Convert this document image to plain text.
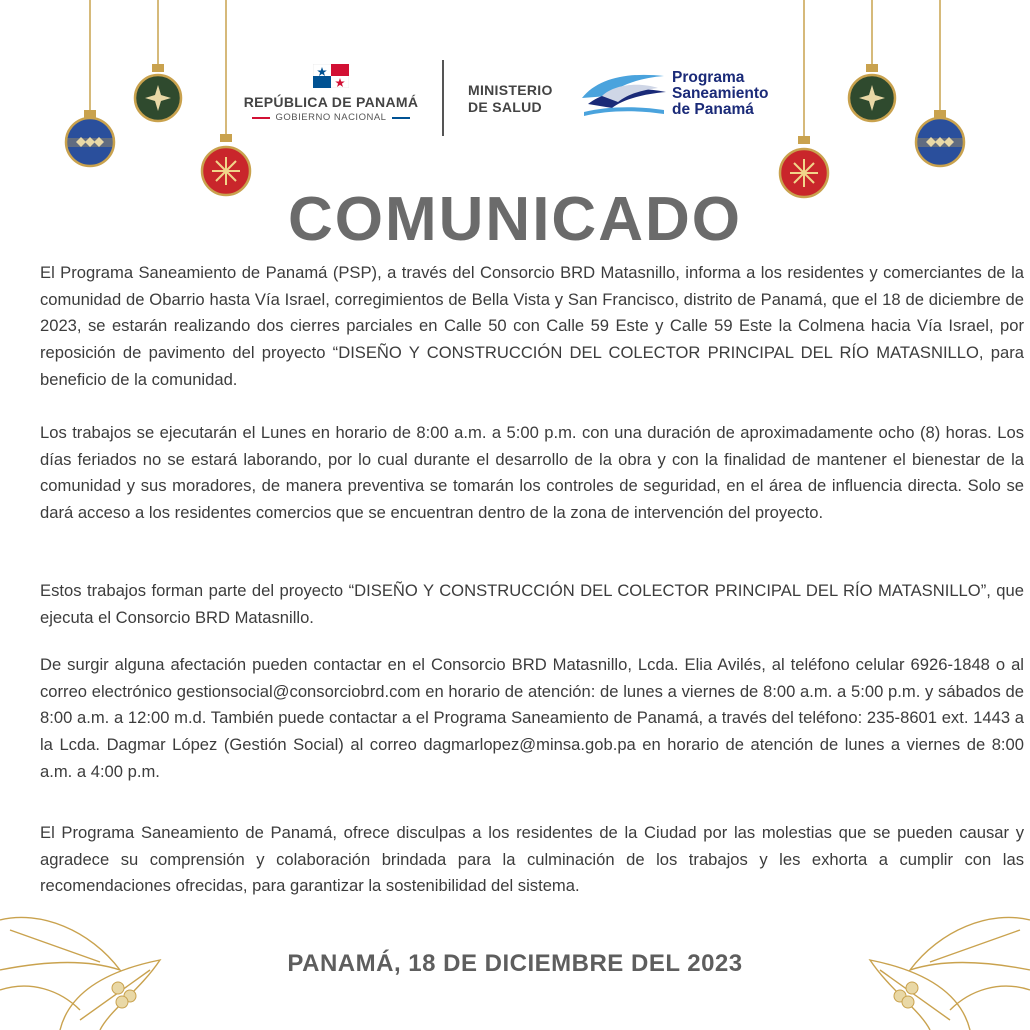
REPÚBLICA DE PANAMÁ
GOBIERNO NACIONAL
MINISTERIO
DE SALUD
Programa
Saneamiento
de Panamá
COMUNICADO
El Programa Saneamiento de Panamá (PSP), a través del Consorcio BRD Matasnillo, informa a los residentes y comerciantes de la comunidad de Obarrio hasta Vía Israel, corregimientos de Bella Vista y San Francisco, distrito de Panamá, que el 18 de diciembre de 2023, se estarán realizando dos cierres parciales en Calle 50 con Calle 59 Este y Calle 59 Este la Colmena hacia Vía Israel, por reposición de pavimento del proyecto “DISEÑO Y CONSTRUCCIÓN DEL COLECTOR PRINCIPAL DEL RÍO MATASNILLO, para beneficio de la comunidad.
Los trabajos se ejecutarán el Lunes en horario de 8:00 a.m. a 5:00 p.m. con una duración de aproximadamente ocho (8) horas. Los días feriados no se estará laborando, por lo cual durante el desarrollo de la obra y con la finalidad de mantener el bienestar de la comunidad y sus moradores, de manera preventiva se tomarán los controles de seguridad, en el área de influencia directa. Solo se dará acceso a los residentes comercios que se encuentran dentro de la zona de intervención del proyecto.
Estos trabajos forman parte del proyecto “DISEÑO Y CONSTRUCCIÓN DEL COLECTOR PRINCIPAL DEL RÍO MATASNILLO”, que ejecuta el Consorcio BRD Matasnillo.
De surgir alguna afectación pueden contactar en el Consorcio BRD Matasnillo, Lcda. Elia Avilés, al teléfono celular 6926-1848 o al correo electrónico gestionsocial@consorciobrd.com en horario de atención: de lunes a viernes de 8:00 a.m. a 5:00 p.m. y sábados de 8:00 a.m. a 12:00 m.d. También puede contactar a el Programa Saneamiento de Panamá, a través del teléfono: 235-8601 ext. 1443 a la Lcda. Dagmar López (Gestión Social) al correo dagmarlopez@minsa.gob.pa en horario de atención de lunes a viernes de 8:00 a.m. a 4:00 p.m.
El Programa Saneamiento de Panamá, ofrece disculpas a los residentes de la Ciudad por las molestias que se pueden causar y agradece su comprensión y colaboración brindada para la culminación de los trabajos y les exhorta a cumplir con las recomendaciones ofrecidas, para garantizar la sostenibilidad del sistema.
PANAMÁ, 18 DE DICIEMBRE DEL 2023
